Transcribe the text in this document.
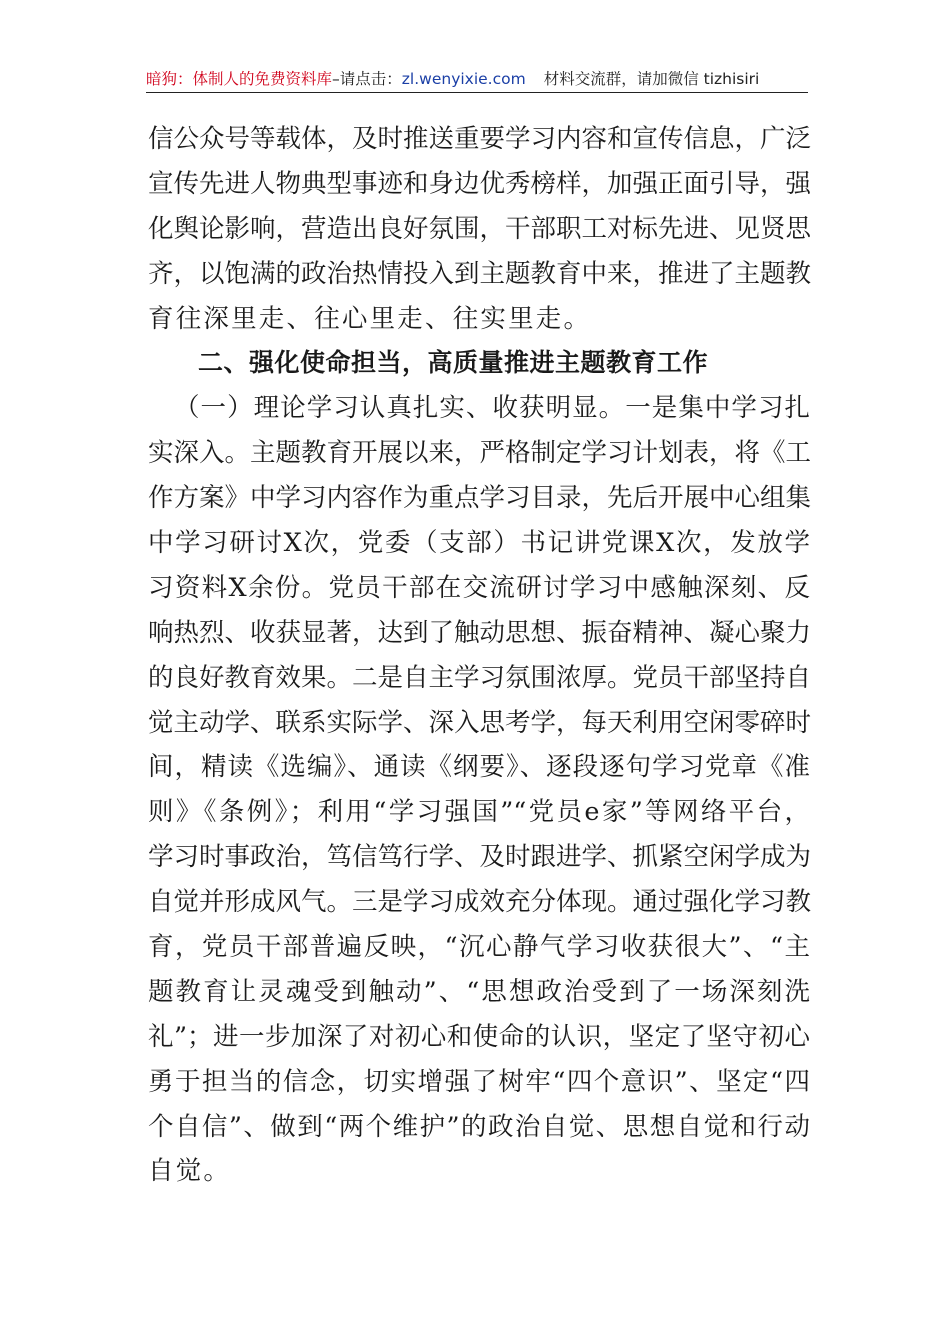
暗狗：体制人的免费资料库–请点击：zl.wenyixie.com 材料交流群，请加微信 tizhisiri
信公众号等载体，及时推送重要学习内容和宣传信息，广泛
宣传先进人物典型事迹和身边优秀榜样，加强正面引导，强
化舆论影响，营造出良好氛围，干部职工对标先进、见贤思
齐，以饱满的政治热情投入到主题教育中来，推进了主题教
育往深里走、往心里走、往实里走。
二、强化使命担当，高质量推进主题教育工作
（一）理论学习认真扎实、收获明显。一是集中学习扎
实深入。主题教育开展以来，严格制定学习计划表，将《工
作方案》中学习内容作为重点学习目录，先后开展中心组集
中学习研讨X次，党委（支部）书记讲党课X次，发放学
习资料X余份。党员干部在交流研讨学习中感触深刻、反
响热烈、收获显著，达到了触动思想、振奋精神、凝心聚力
的良好教育效果。二是自主学习氛围浓厚。党员干部坚持自
觉主动学、联系实际学、深入思考学，每天利用空闲零碎时
间，精读《选编》、通读《纲要》、逐段逐句学习党章《准
则》《条例》；利用“学习强国”“党员e家”等网络平台，
学习时事政治，笃信笃行学、及时跟进学、抓紧空闲学成为
自觉并形成风气。三是学习成效充分体现。通过强化学习教
育，党员干部普遍反映，“沉心静气学习收获很大”、“主
题教育让灵魂受到触动”、“思想政治受到了一场深刻洗
礼”；进一步加深了对初心和使命的认识，坚定了坚守初心
勇于担当的信念，切实增强了树牢“四个意识”、坚定“四
个自信”、做到“两个维护”的政治自觉、思想自觉和行动
自觉。
